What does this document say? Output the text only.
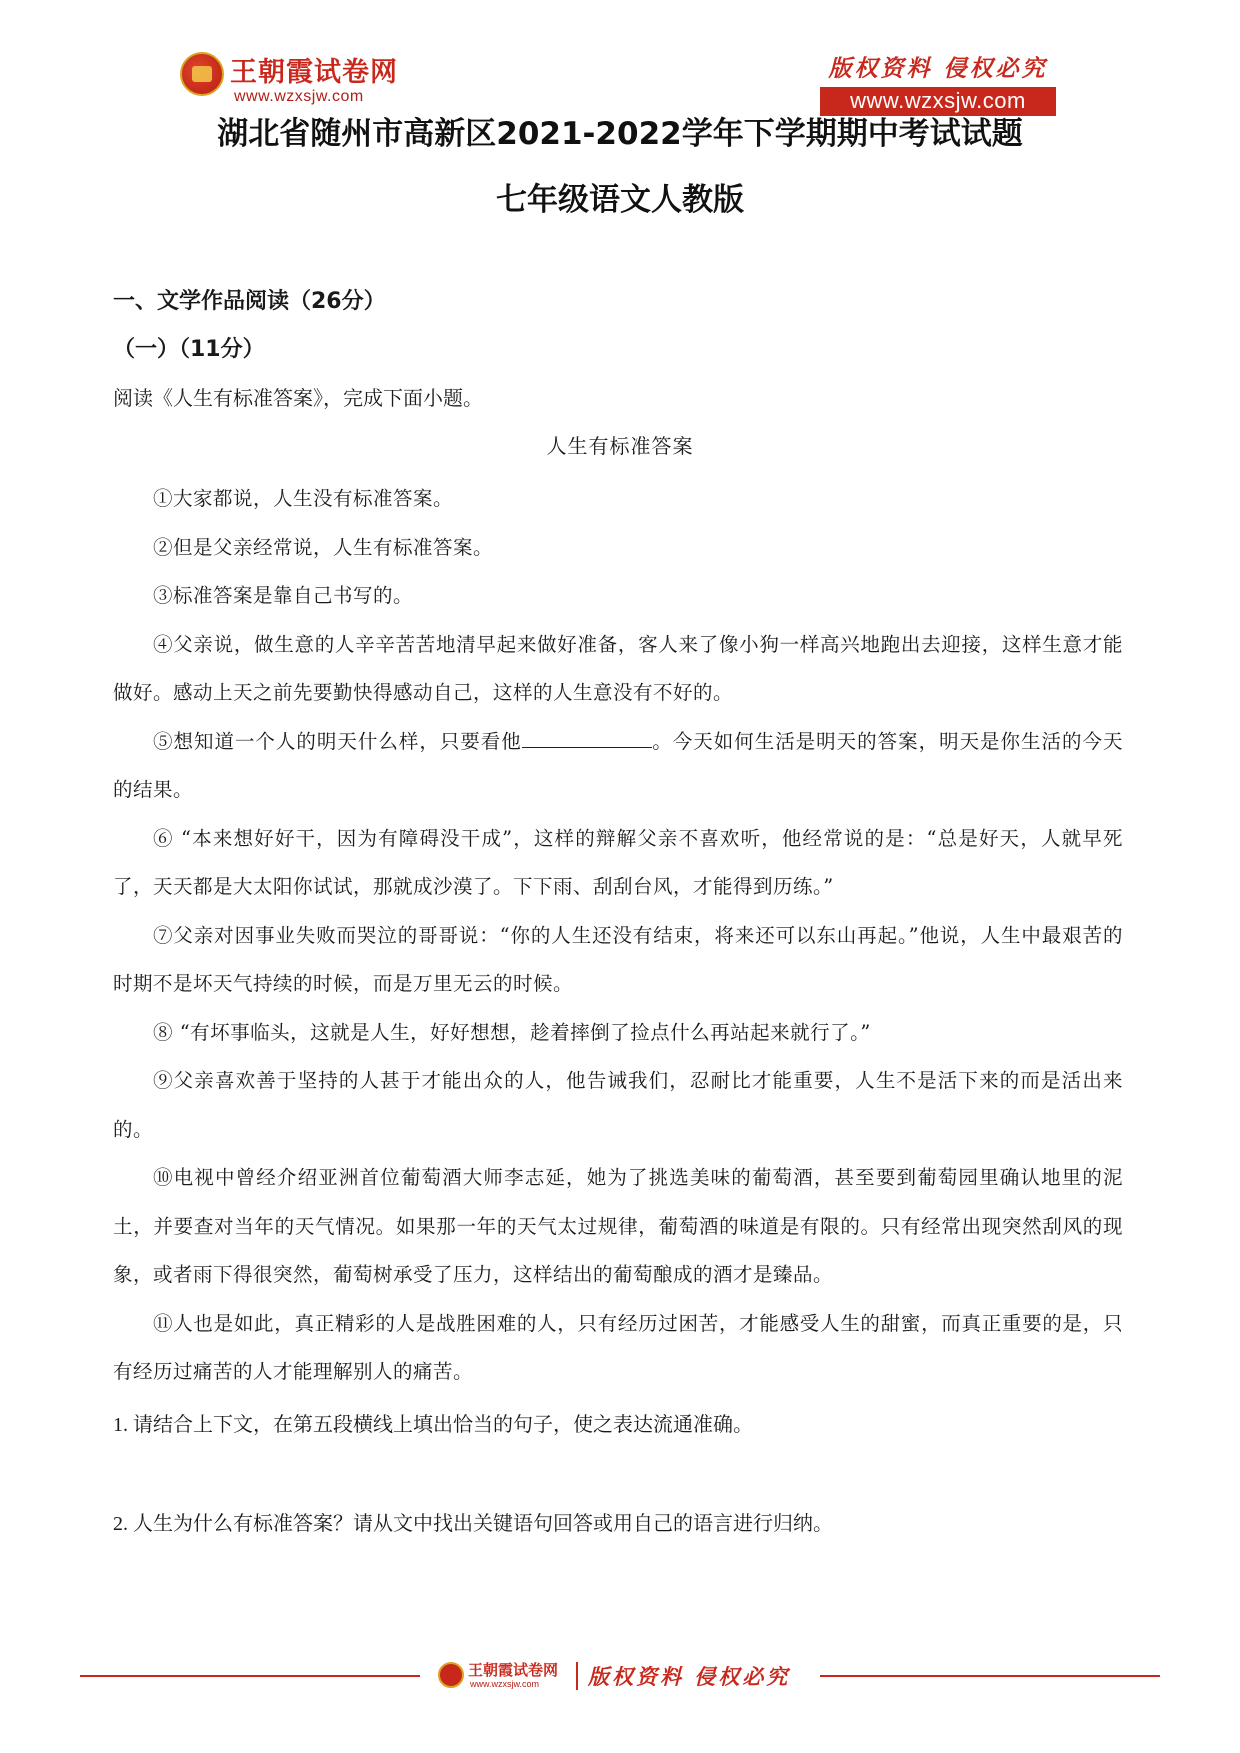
王朝霞试卷网
www.wzxsjw.com
版权资料 侵权必究
www.wzxsjw.com
湖北省随州市高新区2021-2022学年下学期期中考试试题
七年级语文人教版
一、文学作品阅读（26分）
（一）（11分）
阅读《人生有标准答案》，完成下面小题。
人生有标准答案

①大家都说，人生没有标准答案。

②但是父亲经常说，人生有标准答案。

③标准答案是靠自己书写的。

④父亲说，做生意的人辛辛苦苦地清早起来做好准备，客人来了像小狗一样高兴地跑出去迎接，这样生意才能做好。感动上天之前先要勤快得感动自己，这样的人生意没有不好的。

⑤想知道一个人的明天什么样，只要看他	。今天如何生活是明天的答案，明天是你生活的今天的结果。

⑥ “本来想好好干，因为有障碍没干成”，这样的辩解父亲不喜欢听，他经常说的是：“总是好天，人就早死了，天天都是大太阳你试试，那就成沙漠了。下下雨、刮刮台风，才能得到历练。”

⑦父亲对因事业失败而哭泣的哥哥说：“你的人生还没有结束，将来还可以东山再起。”他说，人生中最艰苦的时期不是坏天气持续的时候，而是万里无云的时候。

⑧ “有坏事临头，这就是人生，好好想想，趁着摔倒了捡点什么再站起来就行了。”

⑨父亲喜欢善于坚持的人甚于才能出众的人，他告诫我们，忍耐比才能重要，人生不是活下来的而是活出来的。

⑩电视中曾经介绍亚洲首位葡萄酒大师李志延，她为了挑选美味的葡萄酒，甚至要到葡萄园里确认地里的泥土，并要查对当年的天气情况。如果那一年的天气太过规律，葡萄酒的味道是有限的。只有经常出现突然刮风的现象，或者雨下得很突然，葡萄树承受了压力，这样结出的葡萄酿成的酒才是臻品。

⑪人也是如此，真正精彩的人是战胜困难的人，只有经历过困苦，才能感受人生的甜蜜，而真正重要的是，只有经历过痛苦的人才能理解别人的痛苦。

1. 请结合上下文，在第五段横线上填出恰当的句子，使之表达流通准确。
2. 人生为什么有标准答案？请从文中找出关键语句回答或用自己的语言进行归纳。
王朝霞试卷网
www.wzxsjw.com 版权资料 侵权必究
